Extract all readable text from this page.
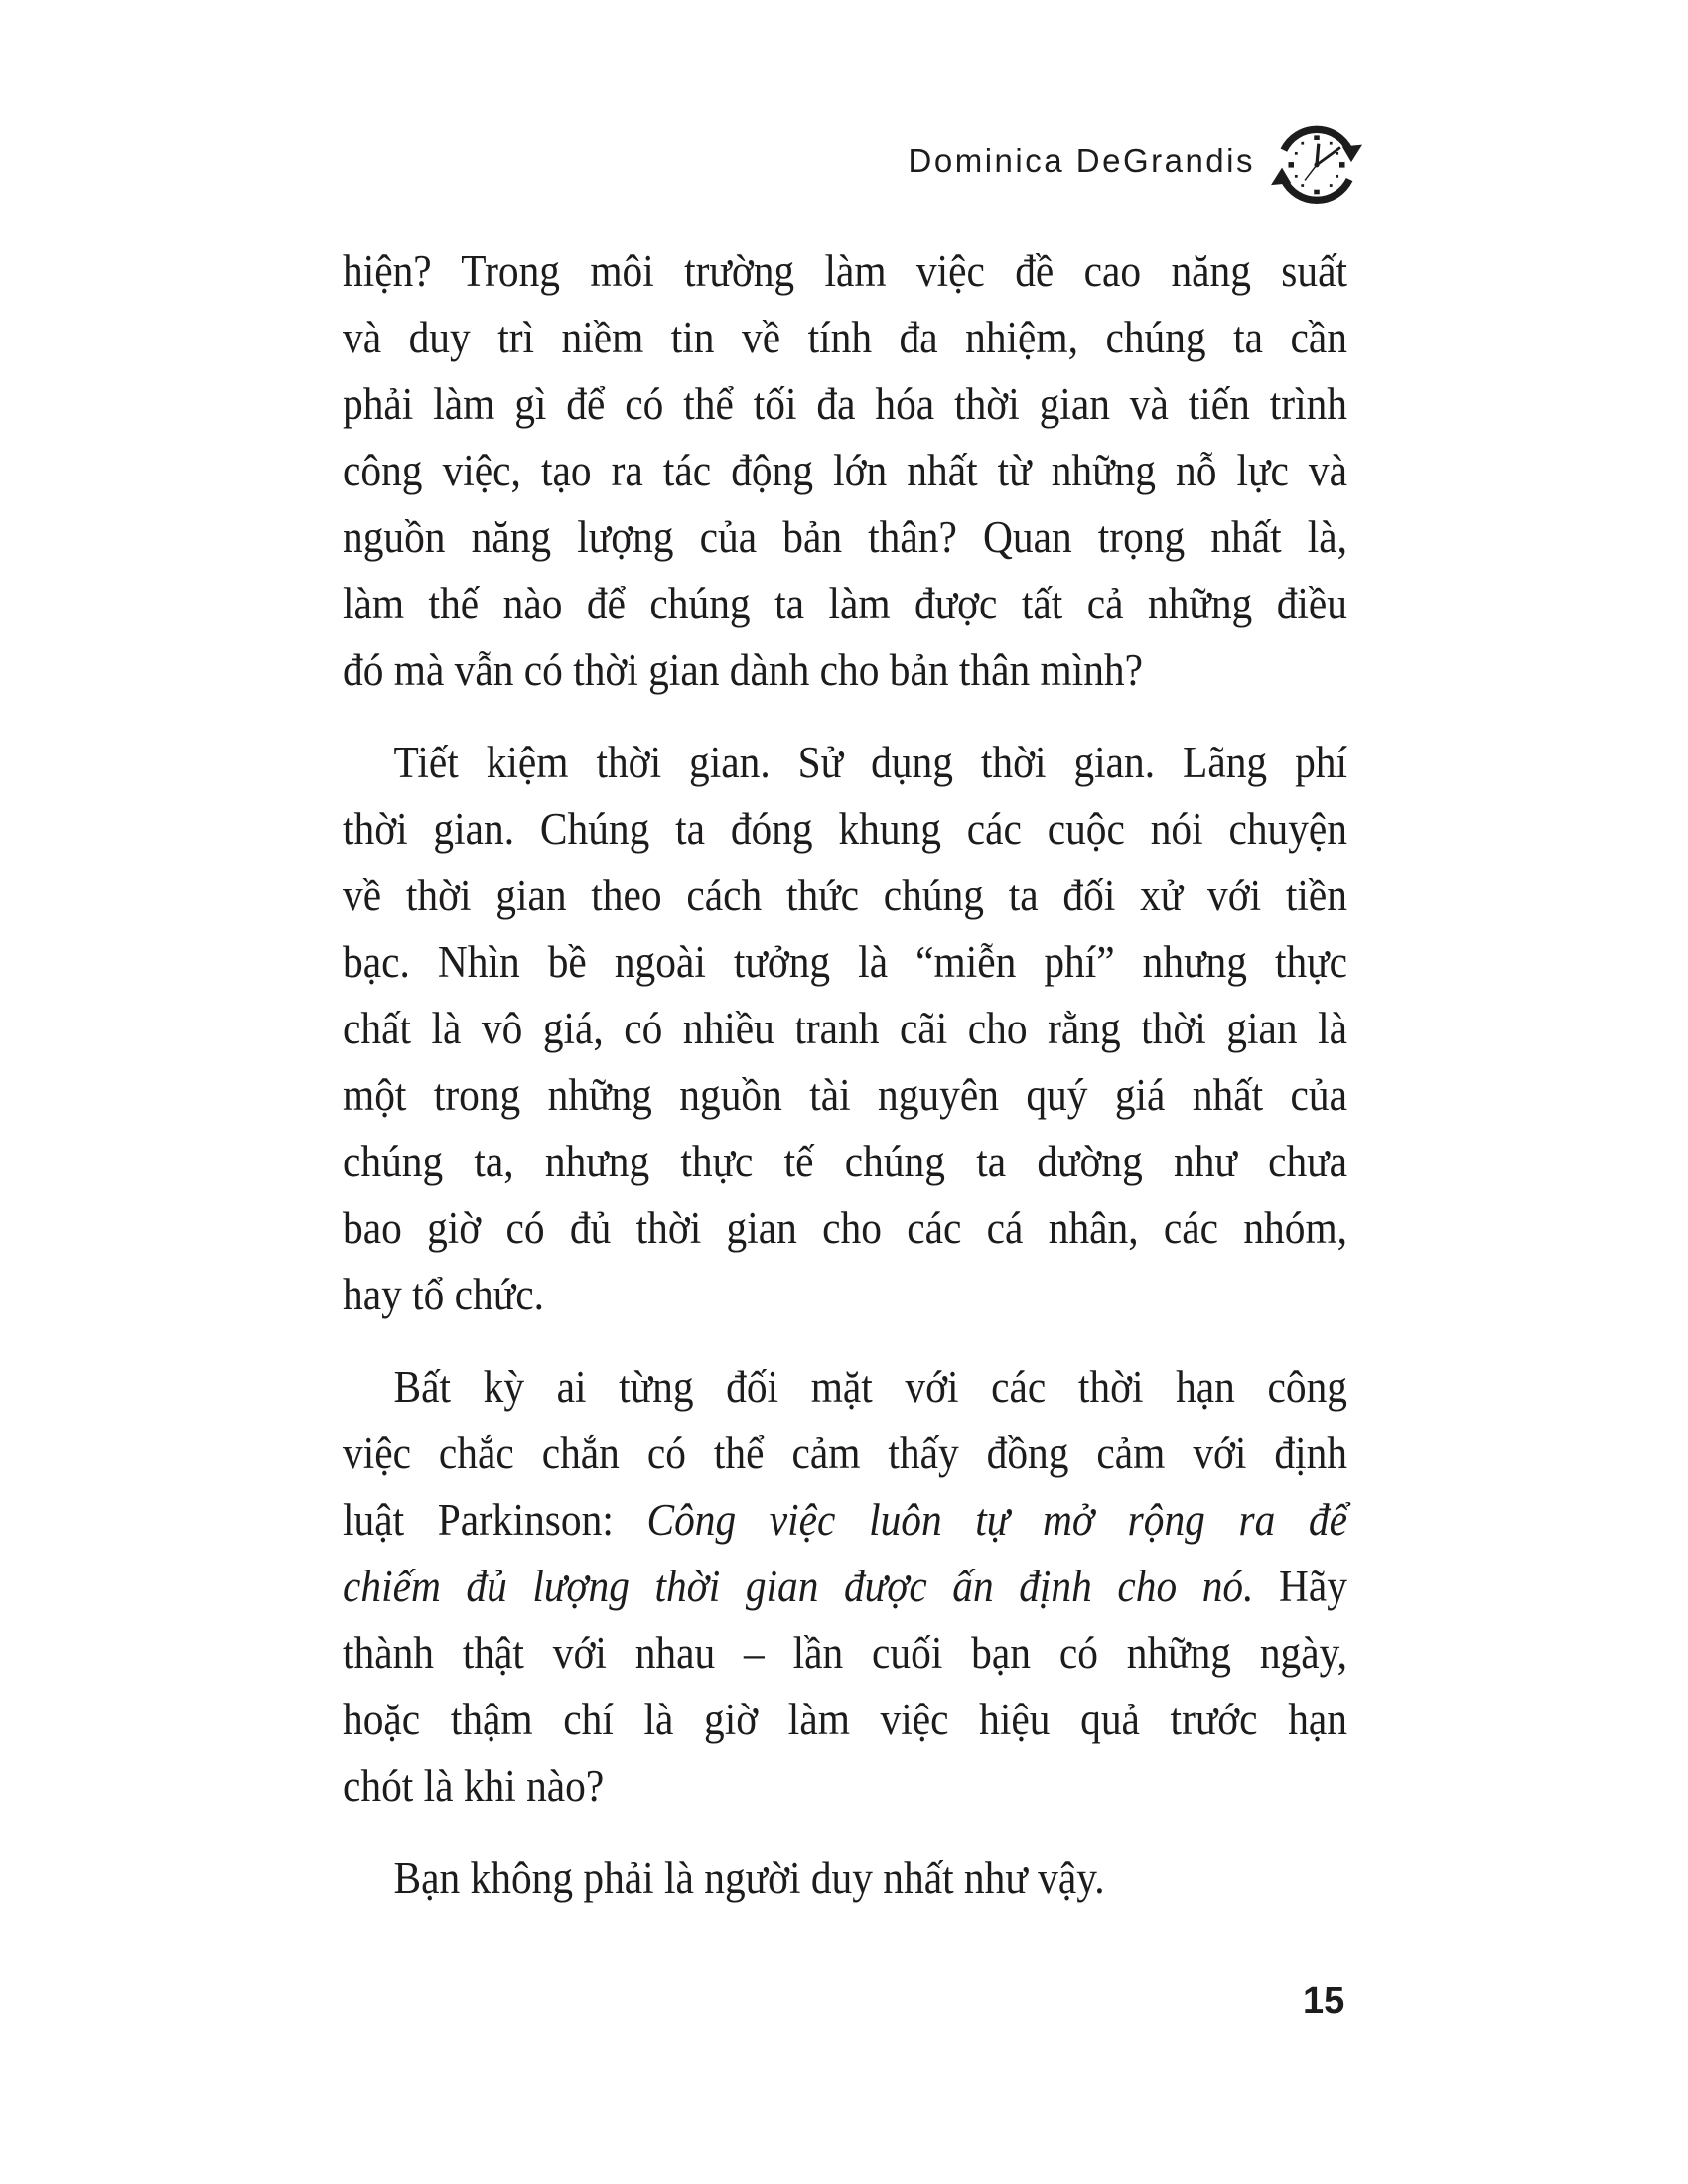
Dominica DeGrandis
hiện? Trong môi trường làm việc đề cao năng suất
và duy trì niềm tin về tính đa nhiệm, chúng ta cần
phải làm gì để có thể tối đa hóa thời gian và tiến trình
công việc, tạo ra tác động lớn nhất từ những nỗ lực và
nguồn năng lượng của bản thân? Quan trọng nhất là,
làm thế nào để chúng ta làm được tất cả những điều
đó mà vẫn có thời gian dành cho bản thân mình?
Tiết kiệm thời gian. Sử dụng thời gian. Lãng phí
thời gian. Chúng ta đóng khung các cuộc nói chuyện
về thời gian theo cách thức chúng ta đối xử với tiền
bạc. Nhìn bề ngoài tưởng là “miễn phí” nhưng thực
chất là vô giá, có nhiều tranh cãi cho rằng thời gian là
một trong những nguồn tài nguyên quý giá nhất của
chúng ta, nhưng thực tế chúng ta dường như chưa
bao giờ có đủ thời gian cho các cá nhân, các nhóm,
hay tổ chức.
Bất kỳ ai từng đối mặt với các thời hạn công
việc chắc chắn có thể cảm thấy đồng cảm với định
luật Parkinson: Công việc luôn tự mở rộng ra để
chiếm đủ lượng thời gian được ấn định cho nó. Hãy
thành thật với nhau – lần cuối bạn có những ngày,
hoặc thậm chí là giờ làm việc hiệu quả trước hạn
chót là khi nào?
Bạn không phải là người duy nhất như vậy.
15
